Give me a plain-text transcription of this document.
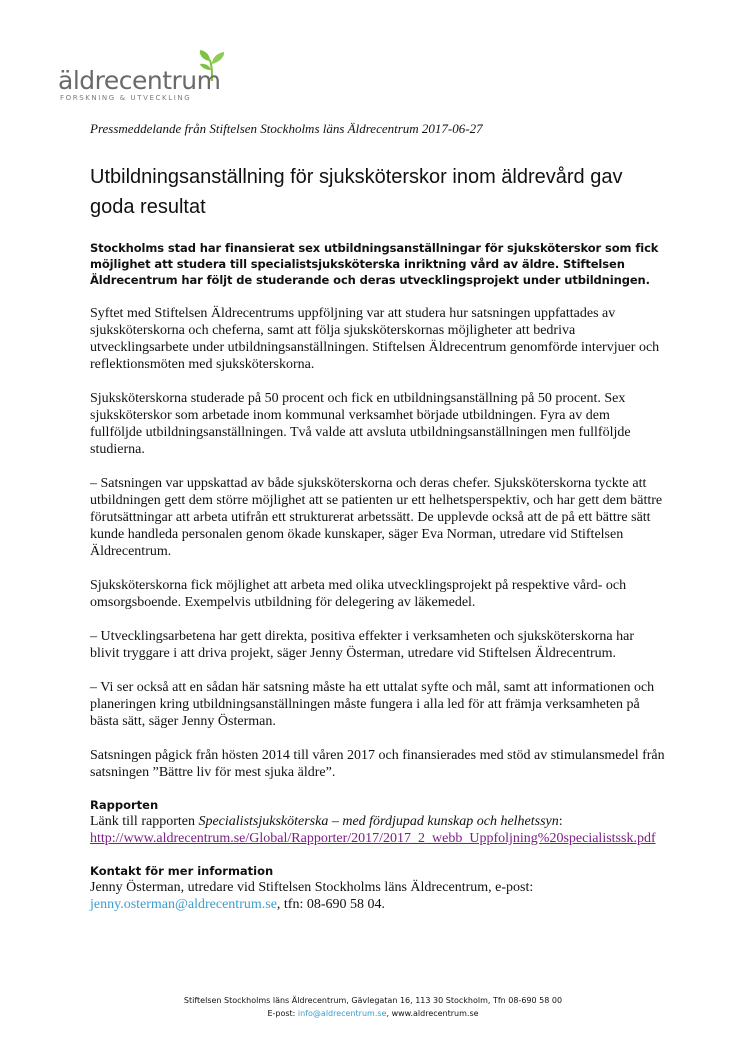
äldrecentrum
FORSKNING & UTVECKLING
Pressmeddelande från Stiftelsen Stockholms läns Äldrecentrum 2017-06-27
Utbildningsanställning för sjuksköterskor inom äldrevård gav goda resultat

Stockholms stad har finansierat sex utbildningsanställningar för sjuksköterskor som fick möjlighet att studera till specialistsjuksköterska inriktning vård av äldre. Stiftelsen Äldrecentrum har följt de studerande och deras utvecklingsprojekt under utbildningen.

Syftet med Stiftelsen Äldrecentrums uppföljning var att studera hur satsningen uppfattades av sjuksköterskorna och cheferna, samt att följa sjuksköterskornas möjligheter att bedriva utvecklingsarbete under utbildningsanställningen. Stiftelsen Äldrecentrum genomförde intervjuer och reflektionsmöten med sjuksköterskorna.

Sjuksköterskorna studerade på 50 procent och fick en utbildningsanställning på 50 procent. Sex sjuksköterskor som arbetade inom kommunal verksamhet började utbildningen. Fyra av dem fullföljde utbildningsanställningen. Två valde att avsluta utbildningsanställningen men fullföljde studierna.

– Satsningen var uppskattad av både sjuksköterskorna och deras chefer. Sjuksköterskorna tyckte att utbildningen gett dem större möjlighet att se patienten ur ett helhetsperspektiv, och har gett dem bättre förutsättningar att arbeta utifrån ett strukturerat arbetssätt. De upplevde också att de på ett bättre sätt kunde handleda personalen genom ökade kunskaper, säger Eva Norman, utredare vid Stiftelsen Äldrecentrum.

Sjuksköterskorna fick möjlighet att arbeta med olika utvecklingsprojekt på respektive vård- och omsorgsboende. Exempelvis utbildning för delegering av läkemedel.

– Utvecklingsarbetena har gett direkta, positiva effekter i verksamheten och sjuksköterskorna har blivit tryggare i att driva projekt, säger Jenny Österman, utredare vid Stiftelsen Äldrecentrum.

– Vi ser också att en sådan här satsning måste ha ett uttalat syfte och mål, samt att informationen och planeringen kring utbildningsanställningen måste fungera i alla led för att främja verksamheten på bästa sätt, säger Jenny Österman.

Satsningen pågick från hösten 2014 till våren 2017 och finansierades med stöd av stimulansmedel från satsningen ”Bättre liv för mest sjuka äldre”.

Rapporten
Länk till rapporten Specialistsjuksköterska – med fördjupad kunskap och helhetssyn:
http://www.aldrecentrum.se/Global/Rapporter/2017/2017_2_webb_Uppfoljning%20specialistssk.pdf
Kontakt för mer information
Jenny Österman, utredare vid Stiftelsen Stockholms läns Äldrecentrum, e-post:
jenny.osterman@aldrecentrum.se, tfn: 08-690 58 04.
Stiftelsen Stockholms läns Äldrecentrum, Gävlegatan 16, 113 30 Stockholm, Tfn 08-690 58 00
E-post: info@aldrecentrum.se, www.aldrecentrum.se
